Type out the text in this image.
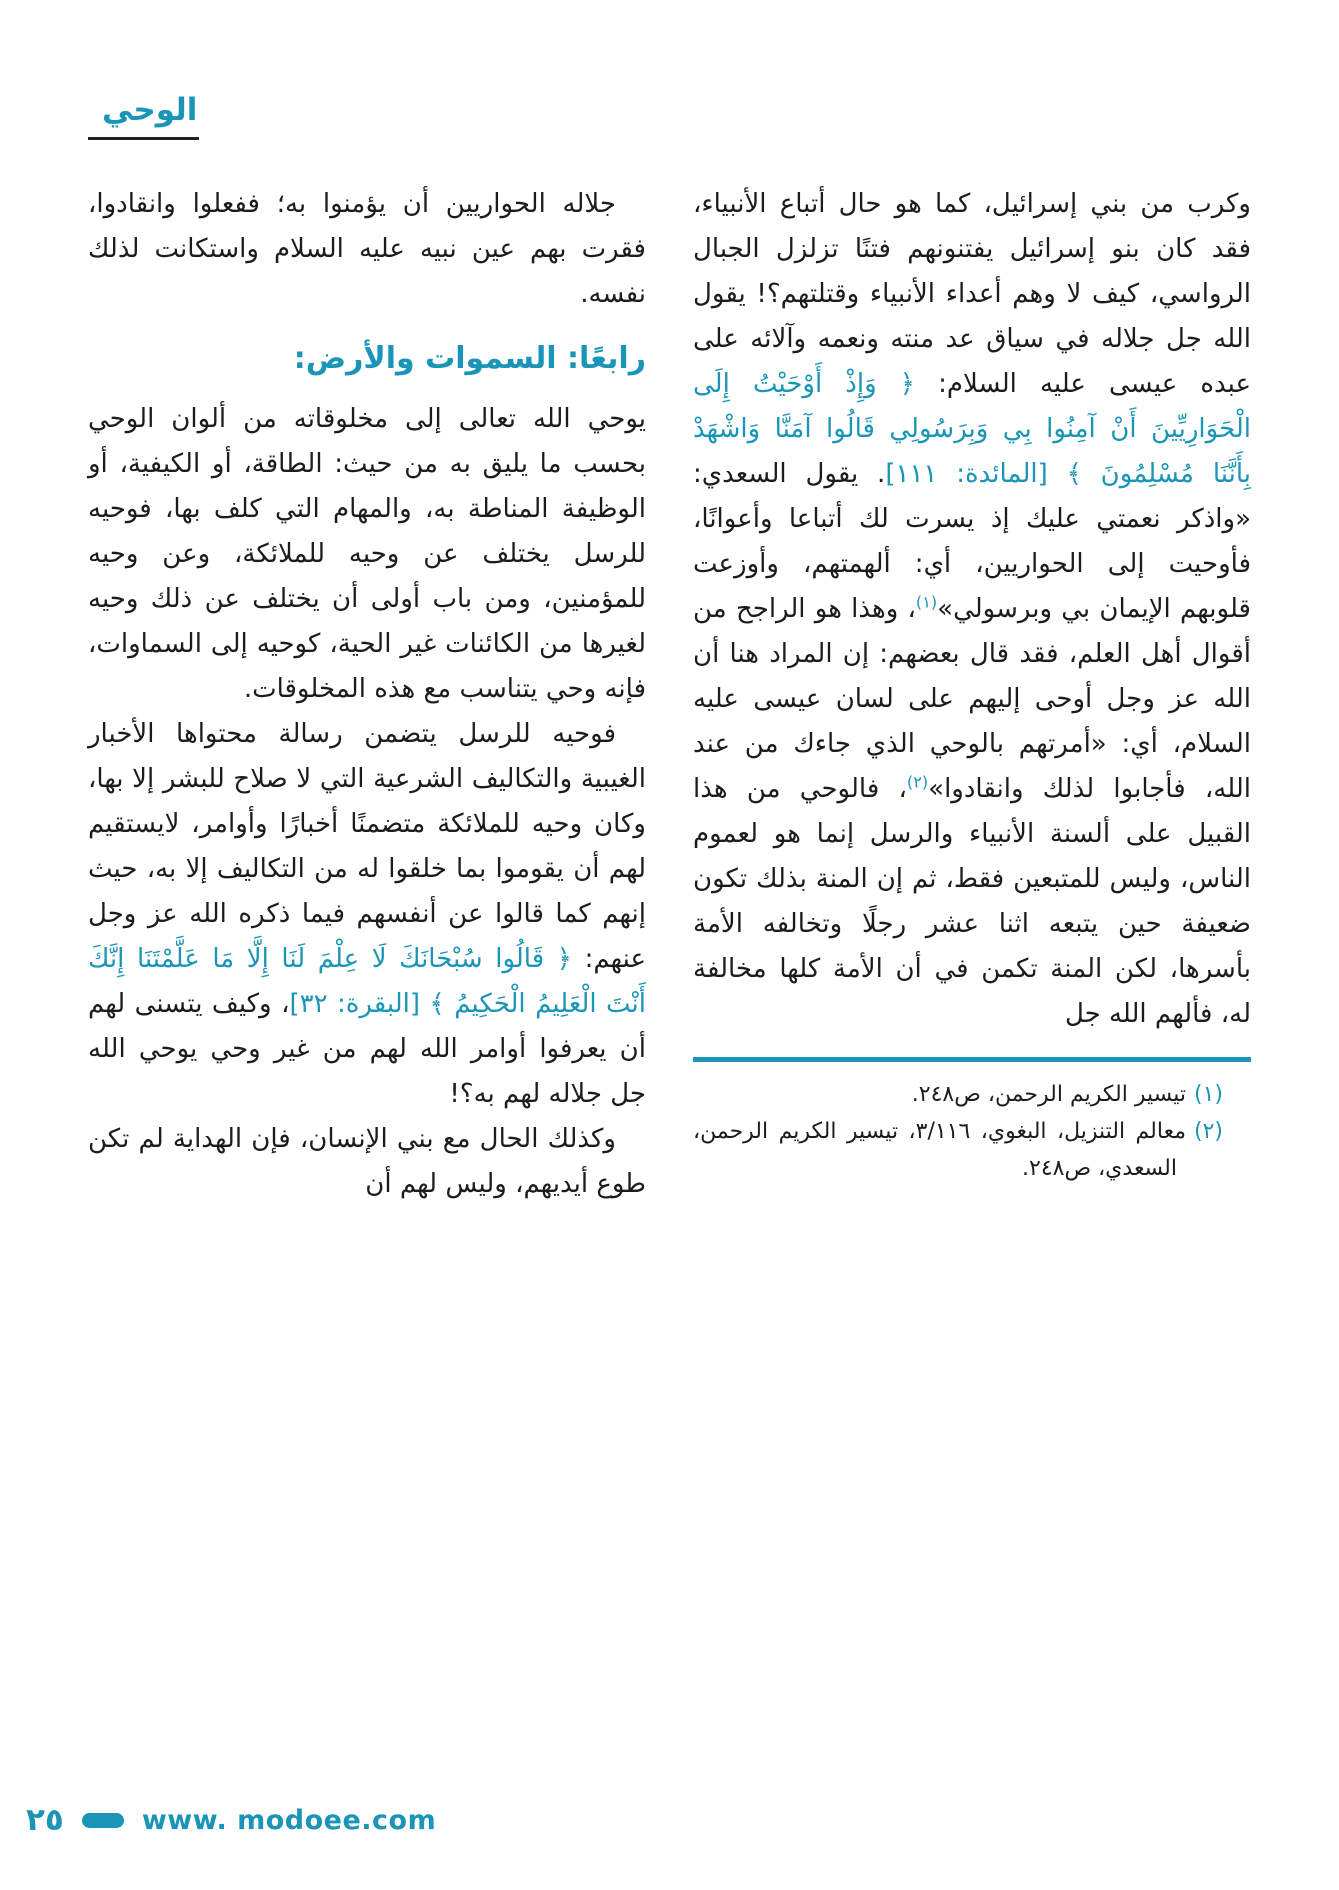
الوحي

وكرب من بني إسرائيل، كما هو حال أتباع الأنبياء، فقد كان بنو إسرائيل يفتنونهم فتنًا تزلزل الجبال الرواسي، كيف لا وهم أعداء الأنبياء وقتلتهم؟! يقول الله جل جلاله في سياق عد منته ونعمه وآلائه على عبده عيسى عليه السلام: ﴿ وَإِذْ أَوْحَيْتُ إِلَى الْحَوَارِيِّينَ أَنْ آمِنُوا بِي وَبِرَسُولِي قَالُوا آمَنَّا وَاشْهَدْ بِأَنَّنَا مُسْلِمُونَ ﴾ [المائدة: ١١١]. يقول السعدي: «واذكر نعمتي عليك إذ يسرت لك أتباعا وأعوانًا، فأوحيت إلى الحواريين، أي: ألهمتهم، وأوزعت قلوبهم الإيمان بي وبرسولي»$^{(١)}$، وهذا هو الراجح من أقوال أهل العلم، فقد قال بعضهم: إن المراد هنا أن الله عز وجل أوحى إليهم على لسان عيسى عليه السلام، أي: «أمرتهم بالوحي الذي جاءك من عند الله، فأجابوا لذلك وانقادوا»$^{(٢)}$، فالوحي من هذا القبيل على ألسنة الأنبياء والرسل إنما هو لعموم الناس، وليس للمتبعين فقط، ثم إن المنة بذلك تكون ضعيفة حين يتبعه اثنا عشر رجلًا وتخالفه الأمة بأسرها، لكن المنة تكمن في أن الأمة كلها مخالفة له، فألهم الله جل

(١)تيسير الكريم الرحمن، ص٢٤٨.

(٢)معالم التنزيل، البغوي، ٣/١١٦، تيسير الكريم الرحمن، السعدي، ص٢٤٨.

جلاله الحواريين أن يؤمنوا به؛ ففعلوا وانقادوا، فقرت بهم عين نبيه عليه السلام واستكانت لذلك نفسه.

رابعًا: السموات والأرض:

يوحي الله تعالى إلى مخلوقاته من ألوان الوحي بحسب ما يليق به من حيث: الطاقة، أو الكيفية، أو الوظيفة المناطة به، والمهام التي كلف بها، فوحيه للرسل يختلف عن وحيه للملائكة، وعن وحيه للمؤمنين، ومن باب أولى أن يختلف عن ذلك وحيه لغيرها من الكائنات غير الحية، كوحيه إلى السماوات، فإنه وحي يتناسب مع هذه المخلوقات.

فوحيه للرسل يتضمن رسالة محتواها الأخبار الغيبية والتكاليف الشرعية التي لا صلاح للبشر إلا بها، وكان وحيه للملائكة متضمنًا أخبارًا وأوامر، لايستقيم لهم أن يقوموا بما خلقوا له من التكاليف إلا به، حيث إنهم كما قالوا عن أنفسهم فيما ذكره الله عز وجل عنهم: ﴿ قَالُوا سُبْحَانَكَ لَا عِلْمَ لَنَا إِلَّا مَا عَلَّمْتَنَا إِنَّكَ أَنْتَ الْعَلِيمُ الْحَكِيمُ ﴾ [البقرة: ٣٢]، وكيف يتسنى لهم أن يعرفوا أوامر الله لهم من غير وحي يوحي الله جل جلاله لهم به؟!

وكذلك الحال مع بني الإنسان، فإن الهداية لم تكن طوع أيديهم، وليس لهم أن

٢٥	www. modoee.com
